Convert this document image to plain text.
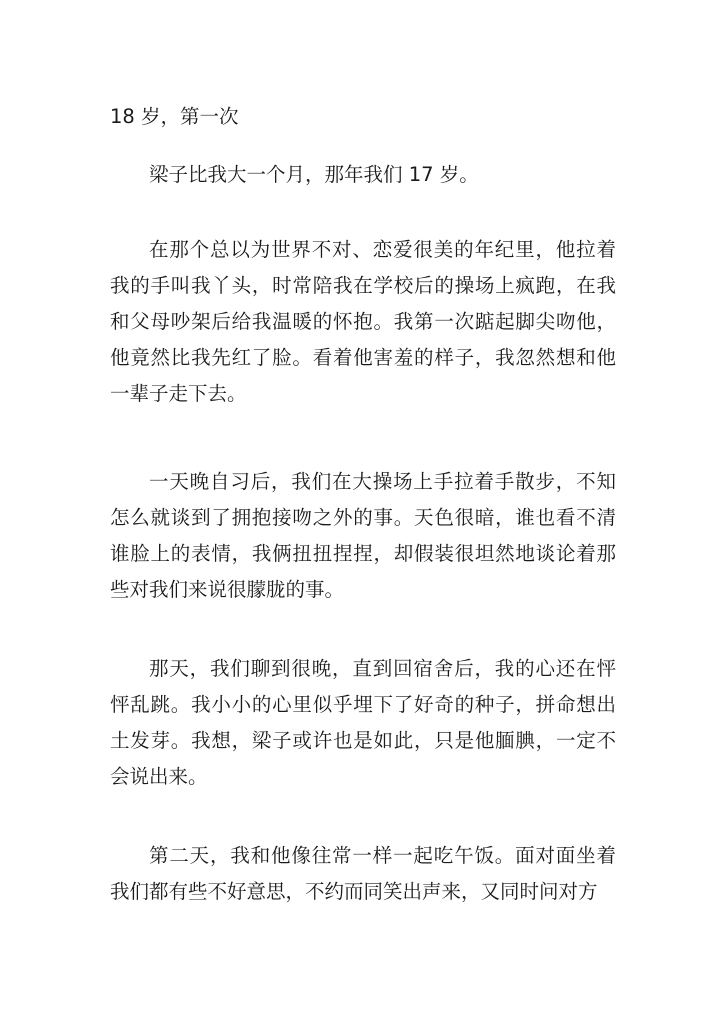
18 岁，第一次

梁子比我大一个月，那年我们 17 岁。

在那个总以为世界不对、恋爱很美的年纪里，他拉着我的手叫我丫头，时常陪我在学校后的操场上疯跑，在我和父母吵架后给我温暖的怀抱。我第一次踮起脚尖吻他，他竟然比我先红了脸。看着他害羞的样子，我忽然想和他一辈子走下去。

一天晚自习后，我们在大操场上手拉着手散步，不知怎么就谈到了拥抱接吻之外的事。天色很暗，谁也看不清谁脸上的表情，我俩扭扭捏捏，却假装很坦然地谈论着那些对我们来说很朦胧的事。

那天，我们聊到很晚，直到回宿舍后，我的心还在怦怦乱跳。我小小的心里似乎埋下了好奇的种子，拼命想出土发芽。我想，梁子或许也是如此，只是他腼腆，一定不会说出来。

第二天，我和他像往常一样一起吃午饭。面对面坐着我们都有些不好意思，不约而同笑出声来，又同时问对方
